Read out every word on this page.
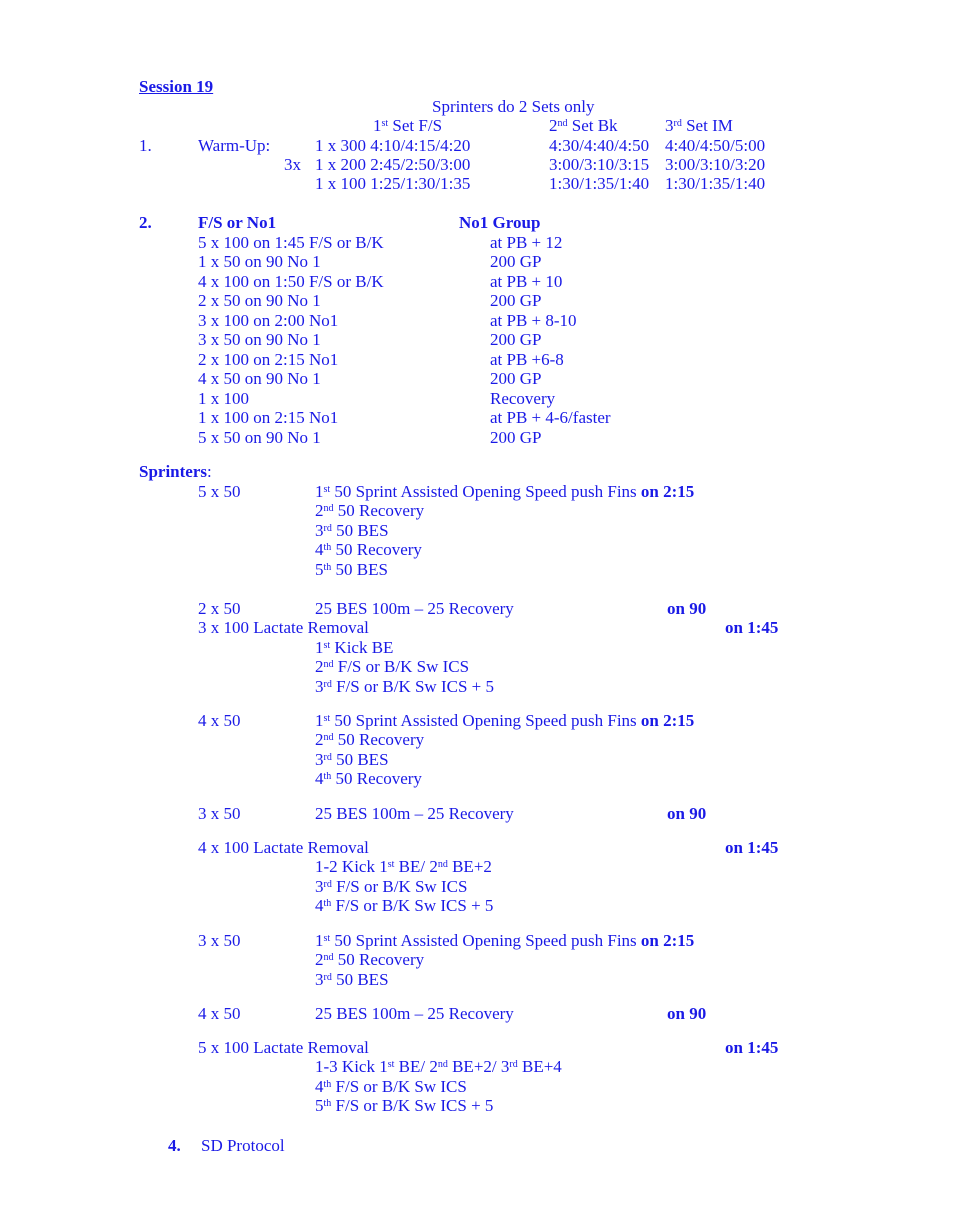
Session 19
Sprinters do 2 Sets only
1st Set F/S	2nd Set Bk	3rd Set IM
1.	Warm-Up:
3x
1 x 300 4:10/4:15/4:20	4:30/4:40/4:50 4:40/4:50/5:00
1 x 200 2:45/2:50/3:00	3:00/3:10/3:15 3:00/3:10/3:20
1 x 100 1:25/1:30/1:35	1:30/1:35/1:40 1:30/1:35/1:40
2.	F/S or No1	No1 Group
5 x 100 on 1:45 F/S or B/K	at PB + 12
1 x 50 on 90 No 1	200 GP
4 x 100 on 1:50 F/S or B/K	at PB + 10
2 x 50 on 90 No 1	200 GP
3 x 100 on 2:00 No1	at PB + 8-10
3 x 50 on 90 No 1	200 GP
2 x 100 on 2:15 No1	at PB +6-8
4 x 50 on 90 No 1	200 GP
1 x 100	Recovery
1 x 100 on 2:15 No1	at PB + 4-6/faster
5 x 50 on 90 No 1	200 GP
Sprinters:
5 x 50	1st 50 Sprint Assisted Opening Speed push Fins on 2:15
2nd 50 Recovery
3rd 50 BES
4th 50 Recovery
5th 50 BES
2 x 50	25 BES 100m – 25 Recovery	on 90
3 x 100 Lactate Removal	on 1:45
1st Kick BE
2nd F/S or B/K Sw ICS
3rd F/S or B/K Sw ICS + 5
4 x 50	1st 50 Sprint Assisted Opening Speed push Fins on 2:15
2nd 50 Recovery
3rd 50 BES
4th 50 Recovery
3 x 50	25 BES 100m – 25 Recovery	on 90
4 x 100 Lactate Removal	on 1:45
1-2 Kick 1st BE/ 2nd BE+2
3rd F/S or B/K Sw ICS
4th F/S or B/K Sw ICS + 5
3 x 50	1st 50 Sprint Assisted Opening Speed push Fins on 2:15
2nd 50 Recovery
3rd 50 BES
4 x 50	25 BES 100m – 25 Recovery	on 90
5 x 100 Lactate Removal	on 1:45
1-3 Kick 1st BE/ 2nd BE+2/ 3rd BE+4
4th F/S or B/K Sw ICS
5th F/S or B/K Sw ICS + 5
4. SD Protocol
